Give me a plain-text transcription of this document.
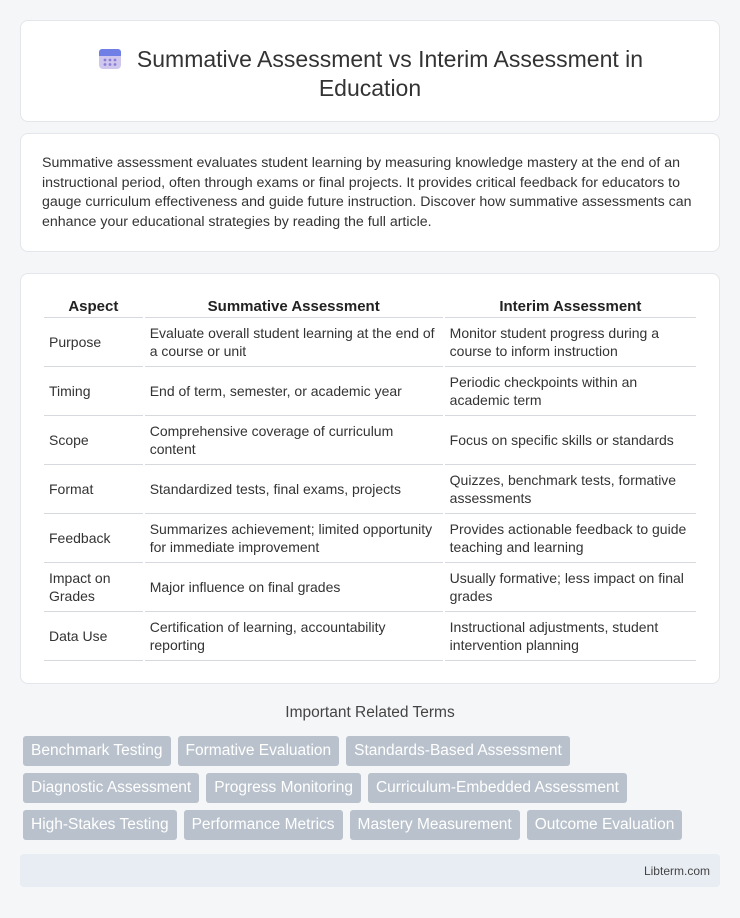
Summative Assessment vs Interim Assessment in
Education

Summative assessment evaluates student learning by measuring knowledge mastery at the end of an instructional period, often through exams or final projects. It provides critical feedback for educators to gauge curriculum effectiveness and guide future instruction. Discover how summative assessments can enhance your educational strategies by reading the full article.

Aspect	Summative Assessment	Interim Assessment
Purpose	Evaluate overall student learning at the end of a course or unit	Monitor student progress during a course to inform instruction
Timing	End of term, semester, or academic year	Periodic checkpoints within an academic term
Scope	Comprehensive coverage of curriculum content	Focus on specific skills or standards
Format	Standardized tests, final exams, projects	Quizzes, benchmark tests, formative assessments
Feedback	Summarizes achievement; limited opportunity for immediate improvement	Provides actionable feedback to guide teaching and learning
Impact on Grades	Major influence on final grades	Usually formative; less impact on final grades
Data Use	Certification of learning, accountability reporting	Instructional adjustments, student intervention planning
Important Related Terms
Benchmark Testing	Formative Evaluation	Standards-Based Assessment
Diagnostic Assessment	Progress Monitoring	Curriculum-Embedded Assessment
High-Stakes Testing	Performance Metrics	Mastery Measurement	Outcome Evaluation
Libterm.com
